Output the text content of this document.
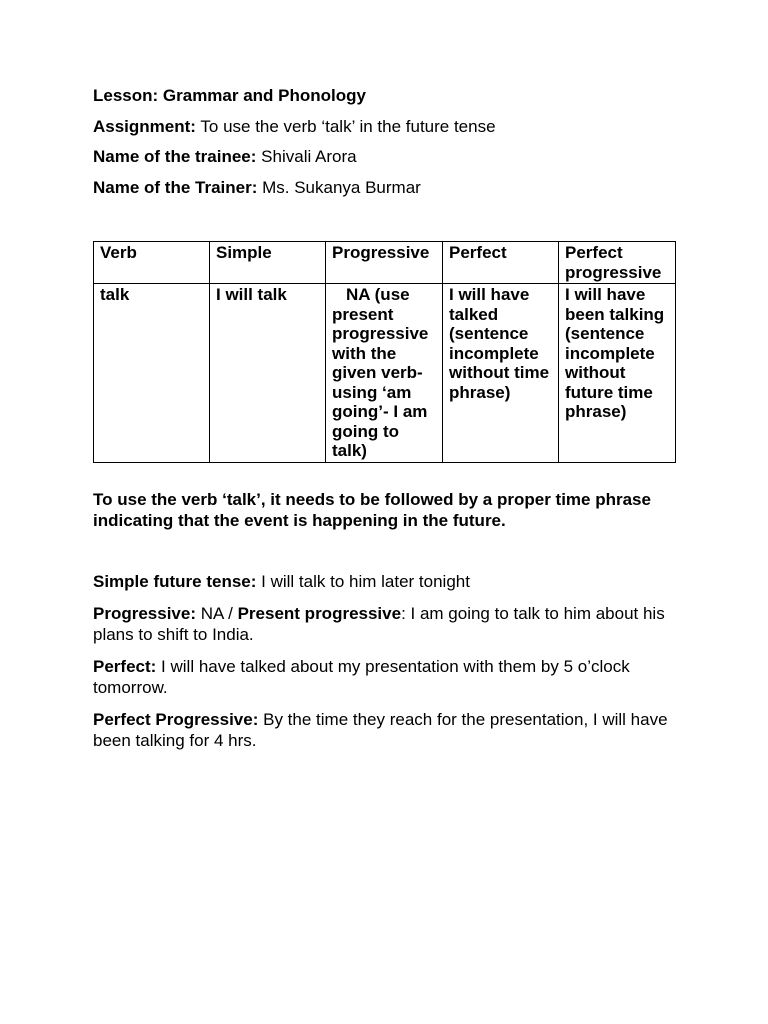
Lesson: Grammar and Phonology

Assignment: To use the verb ‘talk’ in the future tense

Name of the trainee: Shivali Arora

Name of the Trainer: Ms. Sukanya Burmar

Verb	Simple	Progressive	Perfect	Perfect progressive
talk	I will talk	NA (use present progressive with the given verb- using ‘am going’- I am going to talk)	I will have talked (sentence incomplete without time phrase)	I will have been talking (sentence incomplete without future time phrase)

To use the verb ‘talk’, it needs to be followed by a proper time phrase indicating that the event is happening in the future.

Simple future tense: I will talk to him later tonight

Progressive: NA / Present progressive: I am going to talk to him about his plans to shift to India.

Perfect: I will have talked about my presentation with them by 5 o’clock tomorrow.

Perfect Progressive: By the time they reach for the presentation, I will have been talking for 4 hrs.
